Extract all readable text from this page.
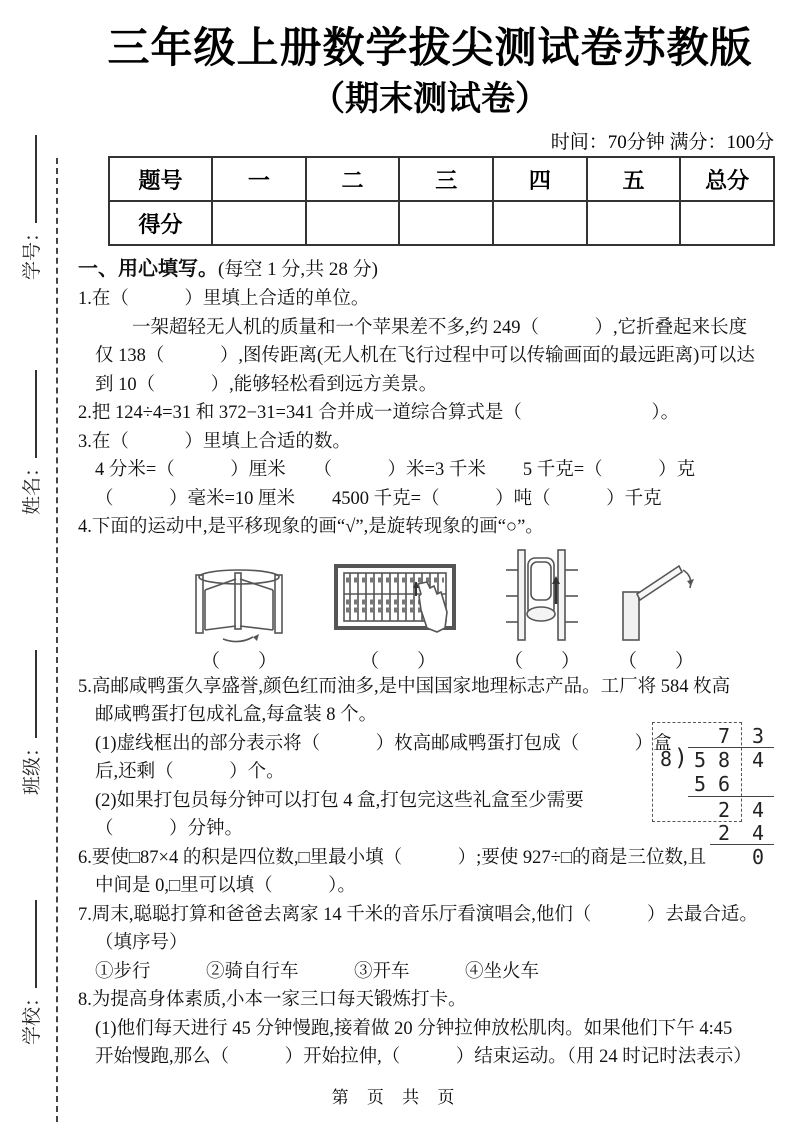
学号：
姓名：
班级：
学校：
三年级上册数学拔尖测试卷苏教版
（期末测试卷）
时间：70分钟 满分：100分
题号	一	二	三	四	五	总分
得分						
一、用心填写。(每空 1 分,共 28 分)
1.在（　　　）里填上合适的单位。
　　一架超轻无人机的质量和一个苹果差不多,约 249（　　　）,它折叠起来长度
仅 138（　　　）,图传距离(无人机在飞行过程中可以传输画面的最远距离)可以达
到 10（　　　）,能够轻松看到远方美景。
2.把 124÷4=31 和 372−31=341 合并成一道综合算式是（　　　　　　　）。
3.在（　　　）里填上合适的数。
4 分米=（　　　）厘米　　（　　　）米=3 千米　　5 千克=（　　　）克
（　　　）毫米=10 厘米　　4500 千克=（　　　）吨（　　　）千克
4.下面的运动中,是平移现象的画“√”,是旋转现象的画“○”。
（　　）	（　　）	（　　）	（　　）
5.高邮咸鸭蛋久享盛誉,颜色红而油多,是中国国家地理标志产品。工厂将 584 枚高
邮咸鸭蛋打包成礼盒,每盒装 8 个。
(1)虚线框出的部分表示将（　　　）枚高邮咸鸭蛋打包成（　　　）盒
后,还剩（　　　）个。
(2)如果打包员每分钟可以打包 4 盒,打包完这些礼盒至少需要
（　　　）分钟。
7 3
8 ) 5 8 4
5 6
2 4
2 4
0
6.要使□87×4 的积是四位数,□里最小填（　　　）;要使 927÷□的商是三位数,且
中间是 0,□里可以填（　　　）。
7.周末,聪聪打算和爸爸去离家 14 千米的音乐厅看演唱会,他们（　　　）去最合适。
（填序号）
①步行　　　②骑自行车　　　③开车　　　④坐火车
8.为提高身体素质,小本一家三口每天锻炼打卡。
(1)他们每天进行 45 分钟慢跑,接着做 20 分钟拉伸放松肌肉。如果他们下午 4:45
开始慢跑,那么（　　　）开始拉伸,（　　　）结束运动。（用 24 时记时法表示）
第 页 共 页
